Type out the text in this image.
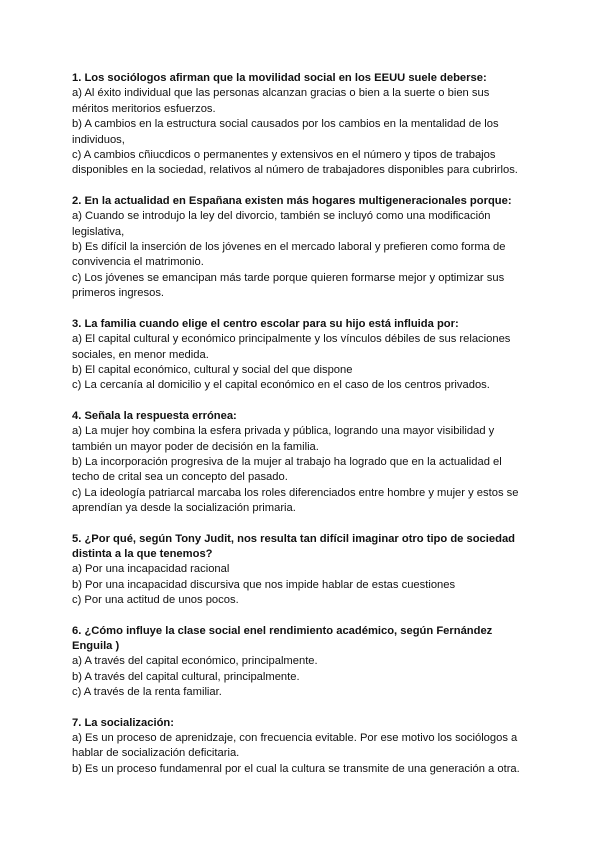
1. Los sociólogos afirman que la movilidad social en los EEUU suele deberse:

a) Al éxito individual que las personas alcanzan gracias o bien a la suerte o bien sus méritos meritorios esfuerzos.

b) A cambios en la estructura social causados por los cambios en la mentalidad de los individuos,

c) A cambios cñiucdicos o permanentes y extensivos en el número y tipos de trabajos disponibles en la sociedad, relativos al número de trabajadores disponibles para cubrirlos.

2. En la actualidad en Españana existen más hogares multigeneracionales porque:

a) Cuando se introdujo la ley del divorcio, también se incluyó como una modificación legislativa,

b) Es difícil la inserción de los jóvenes en el mercado laboral y prefieren como forma de convivencia el matrimonio.

c) Los jóvenes se emancipan más tarde porque quieren formarse mejor y optimizar sus primeros ingresos.

3. La familia cuando elige el centro escolar para su hijo está influida por:

a) El capital cultural y económico principalmente y los vínculos débiles de sus relaciones sociales, en menor medida.

b) El capital económico, cultural y social del que dispone

c) La cercanía al domicilio y el capital económico en el caso de los centros privados.

4. Señala la respuesta errónea:

a) La mujer hoy combina la esfera privada y pública, logrando una mayor visibilidad y también un mayor poder de decisión en la familia.

b) La incorporación progresiva de la mujer al trabajo ha logrado que en la actualidad el techo de crital sea un concepto del pasado.

c) La ideología patriarcal marcaba los roles diferenciados entre hombre y mujer y estos se aprendían ya desde la socialización primaria.

5. ¿Por qué, según Tony Judit, nos resulta tan difícil imaginar otro tipo de sociedad distinta a la que tenemos?

a) Por una incapacidad racional

b) Por una incapacidad discursiva que nos impide hablar de estas cuestiones

c) Por una actitud de unos pocos.

6. ¿Cómo influye la clase social enel rendimiento académico, según Fernández Enguila )

a) A través del capital económico, principalmente.

b) A través del capital cultural, principalmente.

c) A través de la renta familiar.

7. La socialización:

a) Es un proceso de aprenidzaje, con frecuencia evitable. Por ese motivo los sociólogos a hablar de socialización deficitaria.

b) Es un proceso fundamenral por el cual la cultura se transmite de una generación a otra.
